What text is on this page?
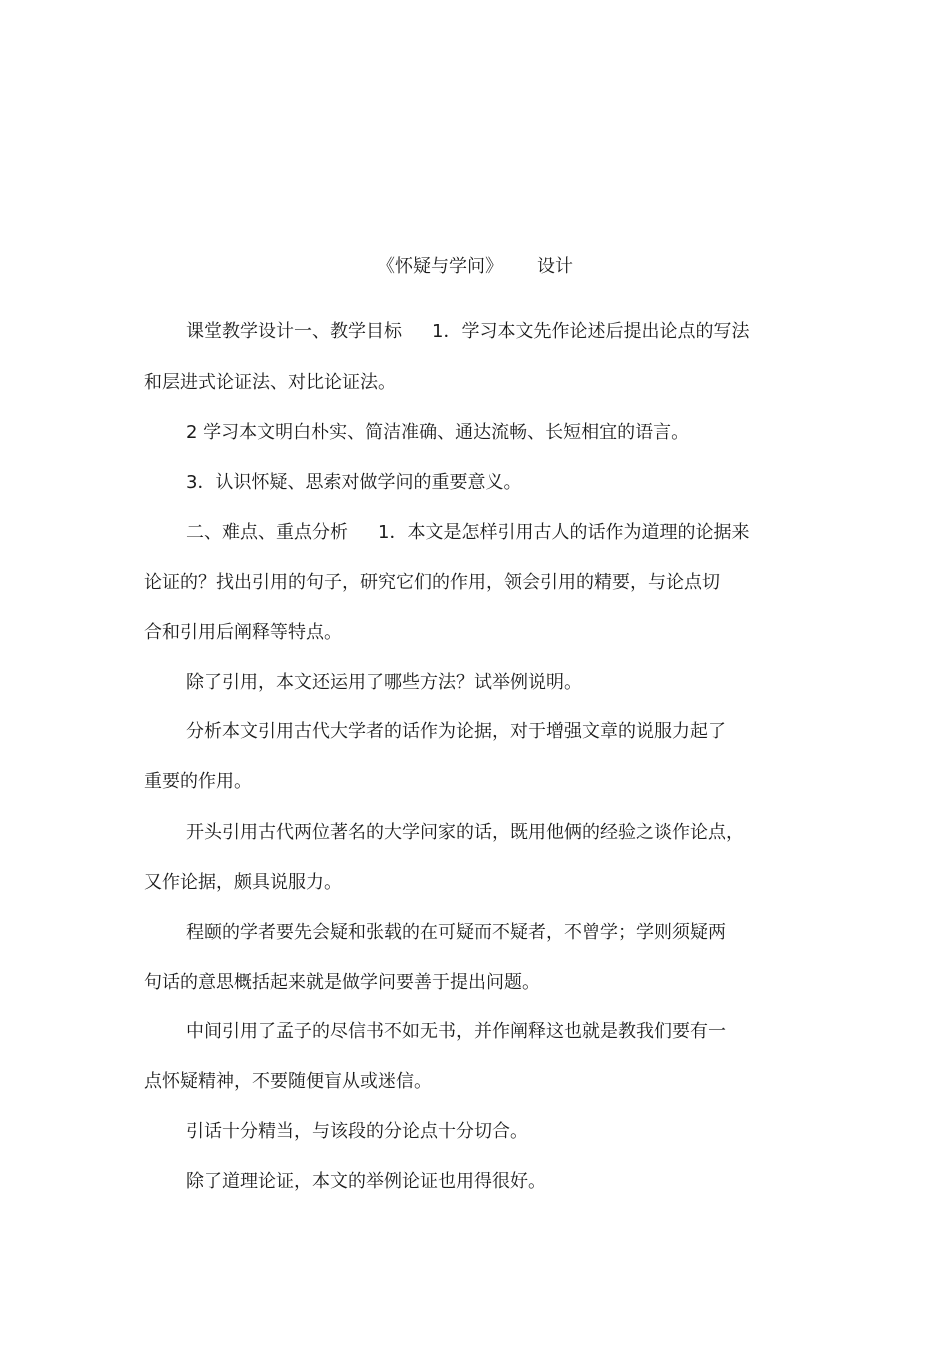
《怀疑与学问》 设计
课堂教学设计一、教学目标 1．学习本文先作论述后提出论点的写法
和层进式论证法、对比论证法。
2 学习本文明白朴实、简洁准确、通达流畅、长短相宜的语言。
3．认识怀疑、思索对做学问的重要意义。
二、难点、重点分析 1．本文是怎样引用古人的话作为道理的论据来
论证的？找出引用的句子，研究它们的作用，领会引用的精要，与论点切
合和引用后阐释等特点。
除了引用，本文还运用了哪些方法？试举例说明。
分析本文引用古代大学者的话作为论据，对于增强文章的说服力起了
重要的作用。
开头引用古代两位著名的大学问家的话，既用他俩的经验之谈作论点，
又作论据，颇具说服力。
程颐的学者要先会疑和张载的在可疑而不疑者，不曾学；学则须疑两
句话的意思概括起来就是做学问要善于提出问题。
中间引用了孟子的尽信书不如无书，并作阐释这也就是教我们要有一
点怀疑精神，不要随便盲从或迷信。
引话十分精当，与该段的分论点十分切合。
除了道理论证，本文的举例论证也用得很好。
